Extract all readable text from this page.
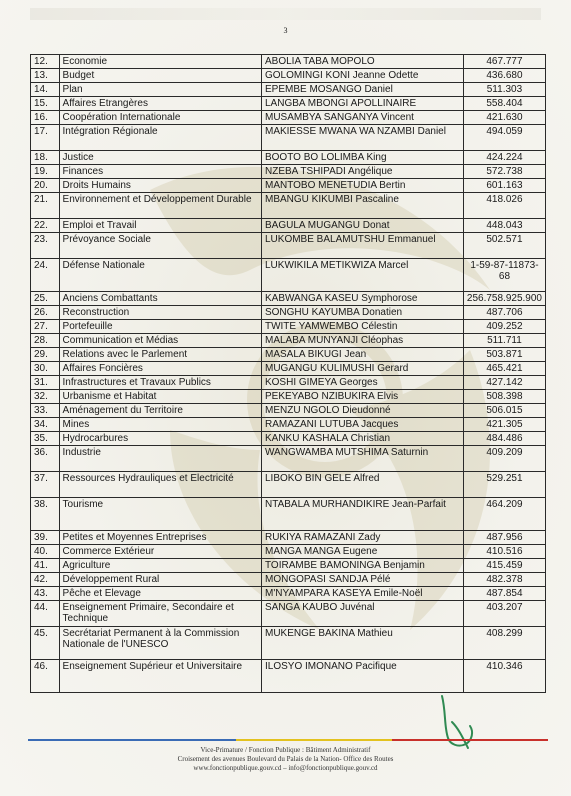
3
12.	Economie	ABOLIA TABA MOPOLO	467.777
13.	Budget	GOLOMINGI KONI Jeanne Odette	436.680
14.	Plan	EPEMBE MOSANGO Daniel	511.303
15.	Affaires Etrangères	LANGBA MBONGI APOLLINAIRE	558.404
16.	Coopération Internationale	MUSAMBYA SANGANYA Vincent	421.630
17.	Intégration Régionale	MAKIESSE MWANA WA NZAMBI Daniel	494.059
18.	Justice	BOOTO BO LOLIMBA King	424.224
19.	Finances	NZEBA TSHIPADI Angélique	572.738
20.	Droits Humains	MANTOBO MENETUDIA Bertin	601.163
21.	Environnement et Développement Durable	MBANGU KIKUMBI Pascaline	418.026
22.	Emploi et Travail	BAGULA MUGANGU Donat	448.043
23.	Prévoyance Sociale	LUKOMBE BALAMUTSHU Emmanuel	502.571
24.	Défense Nationale	LUKWIKILA METIKWIZA Marcel	1-59-87-11873-68
25.	Anciens Combattants	KABWANGA KASEU Symphorose	256.758.925.900
26.	Reconstruction	SONGHU KAYUMBA Donatien	487.706
27.	Portefeuille	TWITE YAMWEMBO Célestin	409.252
28.	Communication et Médias	MALABA MUNYANJI Cléophas	511.711
29.	Relations avec le Parlement	MASALA BIKUGI Jean	503.871
30.	Affaires Foncières	MUGANGU KULIMUSHI Gerard	465.421
31.	Infrastructures et Travaux Publics	KOSHI GIMEYA Georges	427.142
32.	Urbanisme et Habitat	PEKEYABO NZIBUKIRA Elvis	508.398
33.	Aménagement du Territoire	MENZU NGOLO Dieudonné	506.015
34.	Mines	RAMAZANI LUTUBA Jacques	421.305
35.	Hydrocarbures	KANKU KASHALA Christian	484.486
36.	Industrie	WANGWAMBA MUTSHIMA Saturnin	409.209
37.	Ressources Hydrauliques et Electricité	LIBOKO BIN GELE Alfred	529.251
38.	Tourisme	NTABALA MURHANDIKIRE Jean-Parfait	464.209
39.	Petites et Moyennes Entreprises	RUKIYA RAMAZANI Zady	487.956
40.	Commerce Extérieur	MANGA MANGA Eugene	410.516
41.	Agriculture	TOIRAMBE BAMONINGA Benjamin	415.459
42.	Développement Rural	MONGOPASI SANDJA Pélé	482.378
43.	Pêche et Elevage	M'NYAMPARA KASEYA Emile-Noël	487.854
44.	Enseignement Primaire, Secondaire et Technique	SANGA KAUBO Juvénal	403.207
45.	Secrétariat Permanent à la Commission Nationale de l'UNESCO	MUKENGE BAKINA Mathieu	408.299
46.	Enseignement Supérieur et Universitaire	ILOSYO IMONANO Pacifique	410.346
Vice-Primature / Fonction Publique : Bâtiment Administratif
Croisement des avenues Boulevard du Palais de la Nation- Office des Routes
www.fonctionpublique.gouv.cd – info@fonctionpublique.gouv.cd
